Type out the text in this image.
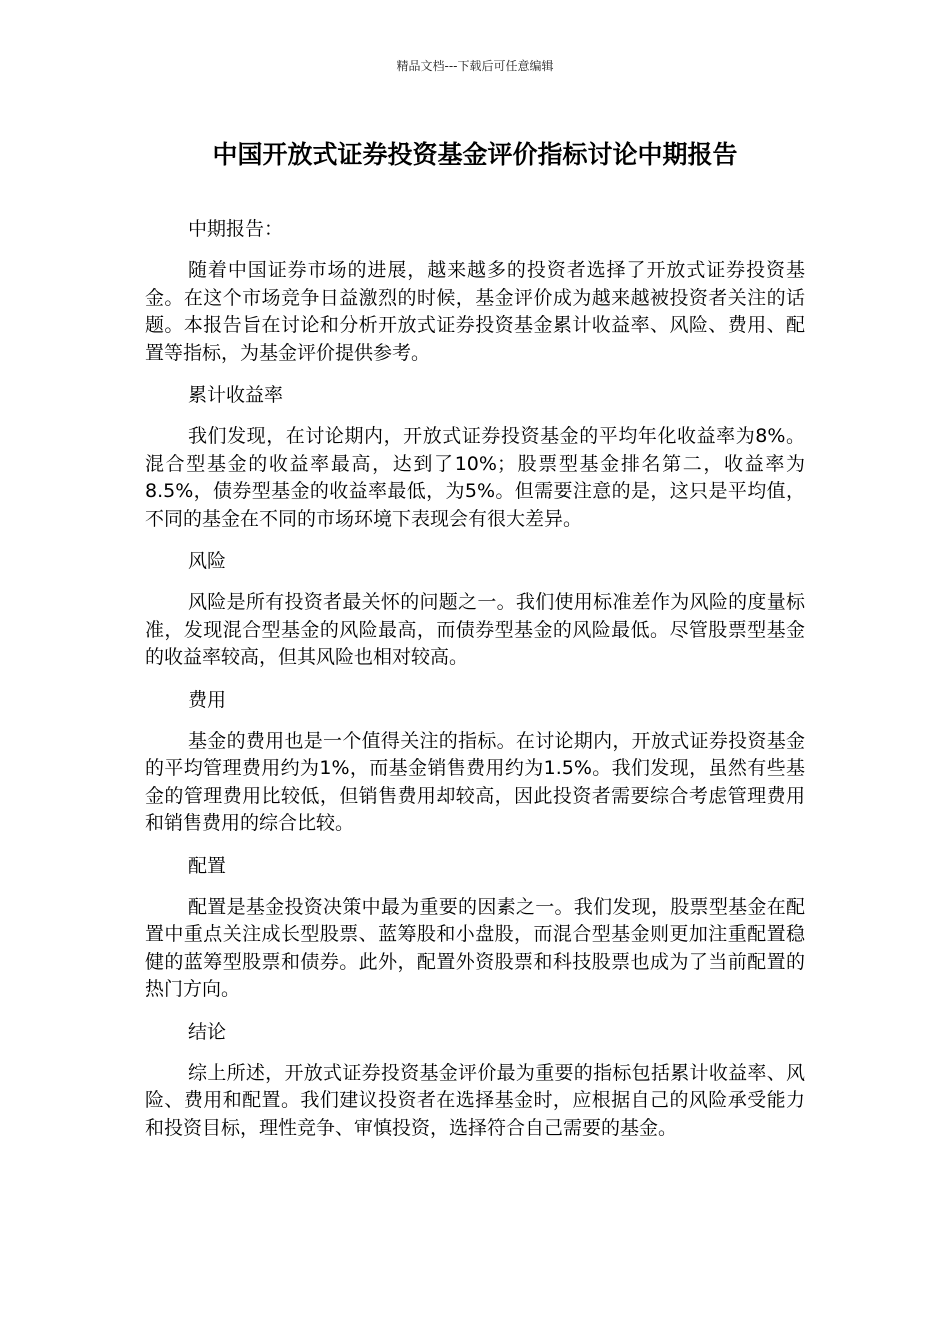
精品文档---下载后可任意编辑
中国开放式证券投资基金评价指标讨论中期报告

中期报告：

随着中国证券市场的进展，越来越多的投资者选择了开放式证券投资基金。在这个市场竞争日益激烈的时候，基金评价成为越来越被投资者关注的话题。本报告旨在讨论和分析开放式证券投资基金累计收益率、风险、费用、配置等指标，为基金评价提供参考。

累计收益率

我们发现，在讨论期内，开放式证券投资基金的平均年化收益率为8%。混合型基金的收益率最高，达到了10%；股票型基金排名第二，收益率为8.5%，债券型基金的收益率最低，为5%。但需要注意的是，这只是平均值，不同的基金在不同的市场环境下表现会有很大差异。

风险

风险是所有投资者最关怀的问题之一。我们使用标准差作为风险的度量标准，发现混合型基金的风险最高，而债券型基金的风险最低。尽管股票型基金的收益率较高，但其风险也相对较高。

费用

基金的费用也是一个值得关注的指标。在讨论期内，开放式证券投资基金的平均管理费用约为1%，而基金销售费用约为1.5%。我们发现，虽然有些基金的管理费用比较低，但销售费用却较高，因此投资者需要综合考虑管理费用和销售费用的综合比较。

配置

配置是基金投资决策中最为重要的因素之一。我们发现，股票型基金在配置中重点关注成长型股票、蓝筹股和小盘股，而混合型基金则更加注重配置稳健的蓝筹型股票和债券。此外，配置外资股票和科技股票也成为了当前配置的热门方向。

结论

综上所述，开放式证券投资基金评价最为重要的指标包括累计收益率、风险、费用和配置。我们建议投资者在选择基金时，应根据自己的风险承受能力和投资目标，理性竞争、审慎投资，选择符合自己需要的基金。
